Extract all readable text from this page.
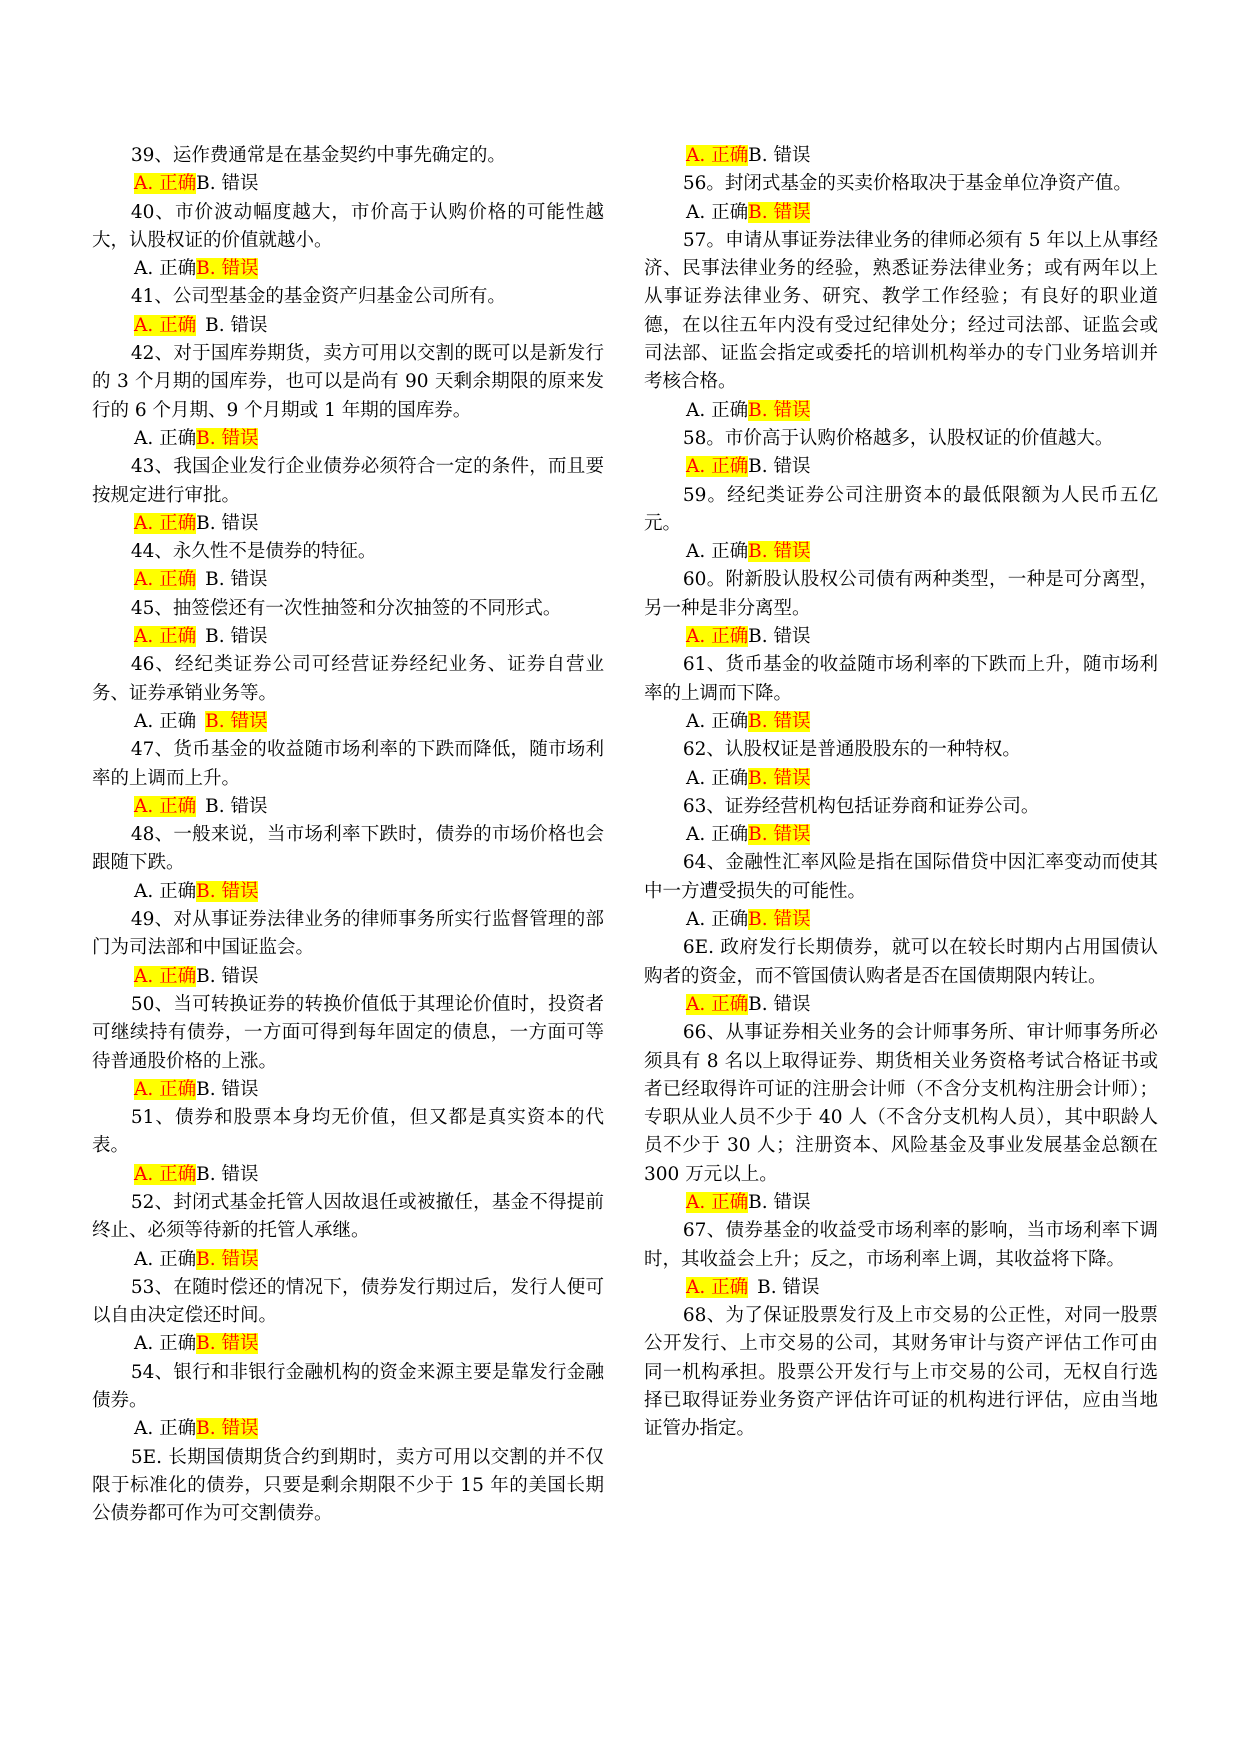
39、运作费通常是在基金契约中事先确定的。

A. 正确B. 错误

40、市价波动幅度越大，市价高于认购价格的可能性越大，认股权证的价值就越小。

A. 正确B. 错误

41、公司型基金的基金资产归基金公司所有。

A. 正确 B. 错误

42、对于国库券期货，卖方可用以交割的既可以是新发行的 3 个月期的国库券，也可以是尚有 90 天剩余期限的原来发行的 6 个月期、9 个月期或 1 年期的国库券。

A. 正确B. 错误

43、我国企业发行企业债券必须符合一定的条件，而且要按规定进行审批。

A. 正确B. 错误

44、永久性不是债券的特征。

A. 正确 B. 错误

45、抽签偿还有一次性抽签和分次抽签的不同形式。

A. 正确 B. 错误

46、经纪类证券公司可经营证券经纪业务、证券自营业务、证券承销业务等。

A. 正确 B. 错误

47、货币基金的收益随市场利率的下跌而降低，随市场利率的上调而上升。

A. 正确 B. 错误

48、一般来说，当市场利率下跌时，债券的市场价格也会跟随下跌。

A. 正确B. 错误

49、对从事证券法律业务的律师事务所实行监督管理的部门为司法部和中国证监会。

A. 正确B. 错误

50、当可转换证券的转换价值低于其理论价值时，投资者可继续持有债券，一方面可得到每年固定的债息，一方面可等待普通股价格的上涨。

A. 正确B. 错误

51、债券和股票本身均无价值，但又都是真实资本的代表。

A. 正确B. 错误

52、封闭式基金托管人因故退任或被撤任，基金不得提前终止、必须等待新的托管人承继。

A. 正确B. 错误

53、在随时偿还的情况下，债券发行期过后，发行人便可以自由决定偿还时间。

A. 正确B. 错误

54、银行和非银行金融机构的资金来源主要是靠发行金融债券。

A. 正确B. 错误

5E. 长期国债期货合约到期时，卖方可用以交割的并不仅限于标准化的债券，只要是剩余期限不少于 15 年的美国长期公债券都可作为可交割债券。

A. 正确B. 错误

56。封闭式基金的买卖价格取决于基金单位净资产值。

A. 正确B. 错误

57。申请从事证券法律业务的律师必须有 5 年以上从事经济、民事法律业务的经验，熟悉证券法律业务；或有两年以上从事证券法律业务、研究、教学工作经验；有良好的职业道德，在以往五年内没有受过纪律处分；经过司法部、证监会或司法部、证监会指定或委托的培训机构举办的专门业务培训并考核合格。

A. 正确B. 错误

58。市价高于认购价格越多，认股权证的价值越大。

A. 正确B. 错误

59。经纪类证券公司注册资本的最低限额为人民币五亿元。

A. 正确B. 错误

60。附新股认股权公司债有两种类型，一种是可分离型，另一种是非分离型。

A. 正确B. 错误

61、货币基金的收益随市场利率的下跌而上升，随市场利率的上调而下降。

A. 正确B. 错误

62、认股权证是普通股股东的一种特权。

A. 正确B. 错误

63、证券经营机构包括证券商和证券公司。

A. 正确B. 错误

64、金融性汇率风险是指在国际借贷中因汇率变动而使其中一方遭受损失的可能性。

A. 正确B. 错误

6E. 政府发行长期债券，就可以在较长时期内占用国债认购者的资金，而不管国债认购者是否在国债期限内转让。

A. 正确B. 错误

66、从事证券相关业务的会计师事务所、审计师事务所必须具有 8 名以上取得证券、期货相关业务资格考试合格证书或者已经取得许可证的注册会计师（不含分支机构注册会计师）；专职从业人员不少于 40 人（不含分支机构人员），其中职龄人员不少于 30 人；注册资本、风险基金及事业发展基金总额在 300 万元以上。

A. 正确B. 错误

67、债券基金的收益受市场利率的影响，当市场利率下调时，其收益会上升；反之，市场利率上调，其收益将下降。

A. 正确 B. 错误

68、为了保证股票发行及上市交易的公正性，对同一股票公开发行、上市交易的公司，其财务审计与资产评估工作可由同一机构承担。股票公开发行与上市交易的公司，无权自行选择已取得证券业务资产评估许可证的机构进行评估，应由当地证管办指定。
